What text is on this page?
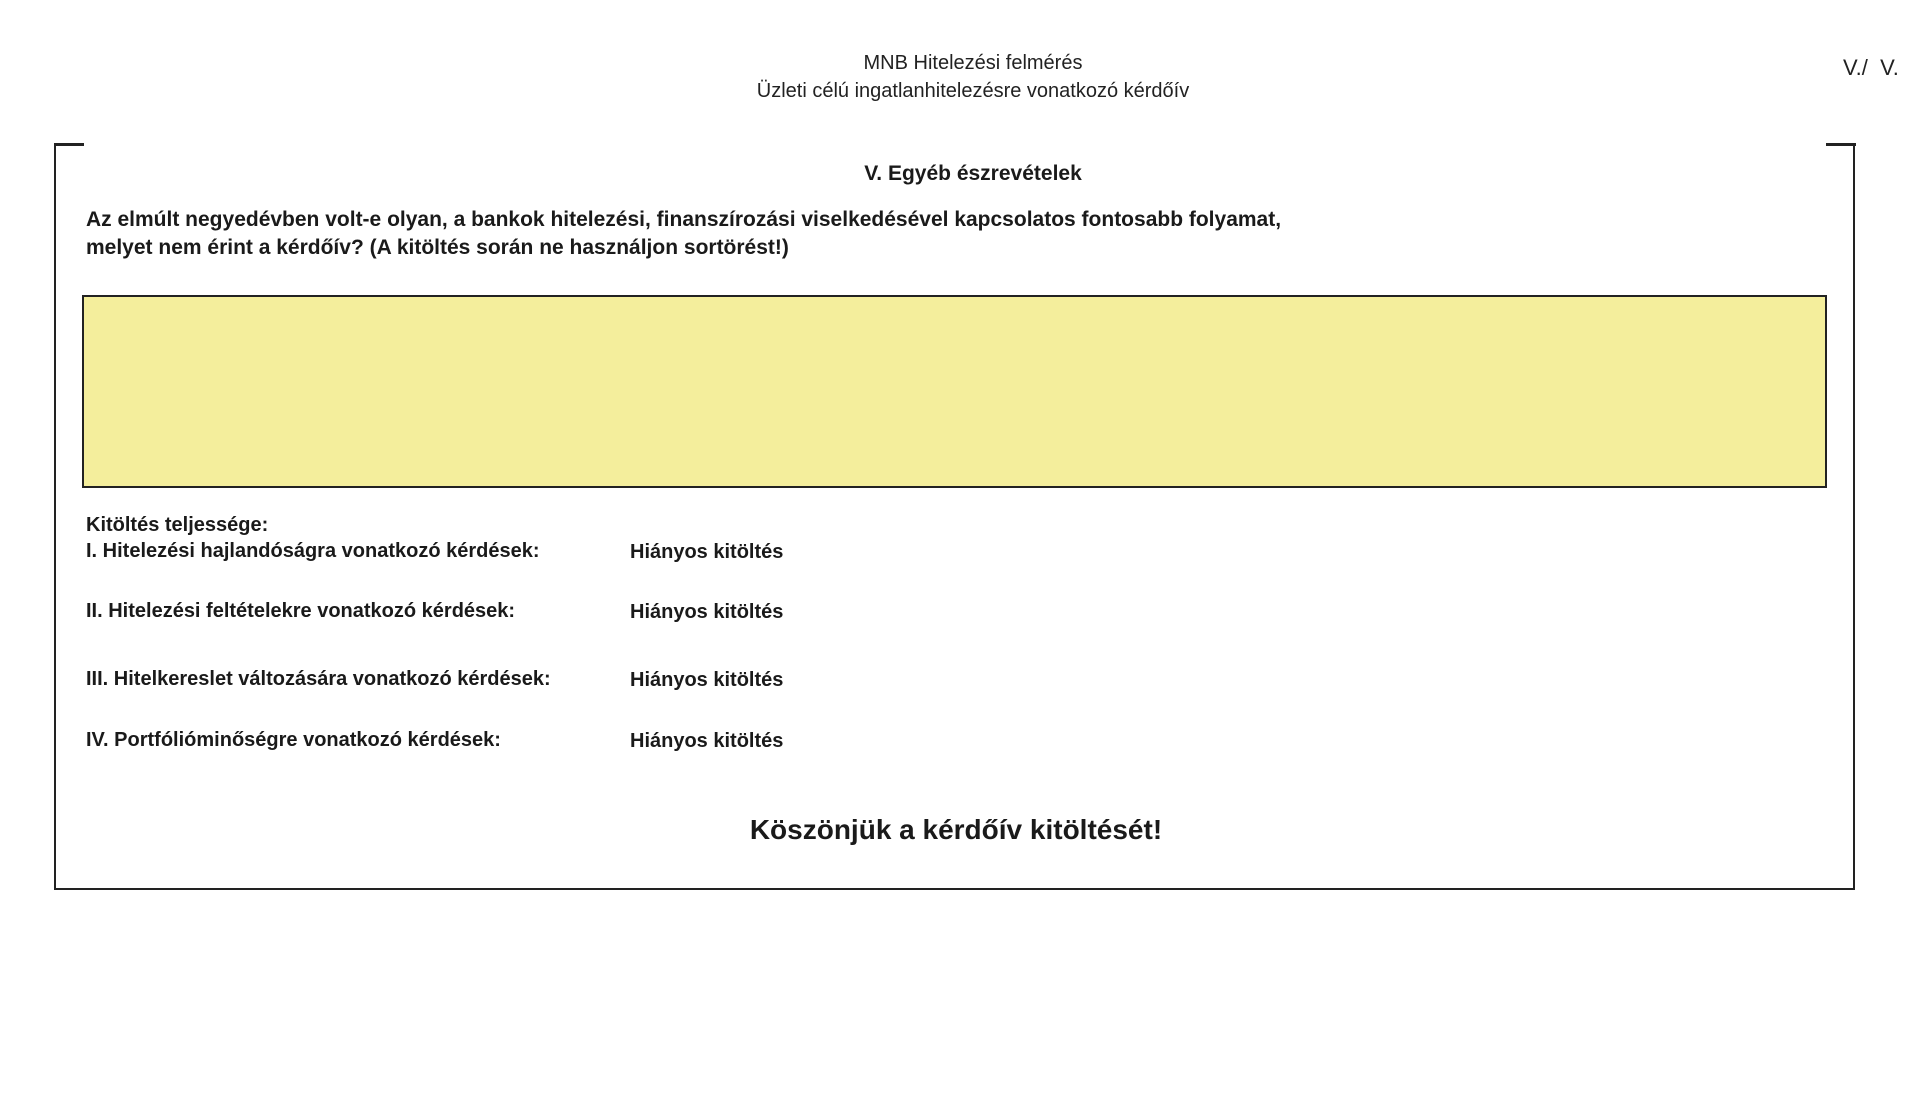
MNB Hitelezési felmérés
Üzleti célú ingatlanhitelezésre vonatkozó kérdőív
V./  V.
V. Egyéb észrevételek
Az elmúlt negyedévben volt-e olyan, a bankok hitelezési, finanszírozási viselkedésével kapcsolatos fontosabb folyamat,
melyet nem érint a kérdőív? (A kitöltés során ne használjon sortörést!)
Kitöltés teljessége:
I. Hitelezési hajlandóságra vonatkozó kérdések:	Hiányos kitöltés
II. Hitelezési feltételekre vonatkozó kérdések:	Hiányos kitöltés
III. Hitelkereslet változására vonatkozó kérdések:	Hiányos kitöltés
IV. Portfólióminőségre vonatkozó kérdések:	Hiányos kitöltés
Köszönjük a kérdőív kitöltését!
